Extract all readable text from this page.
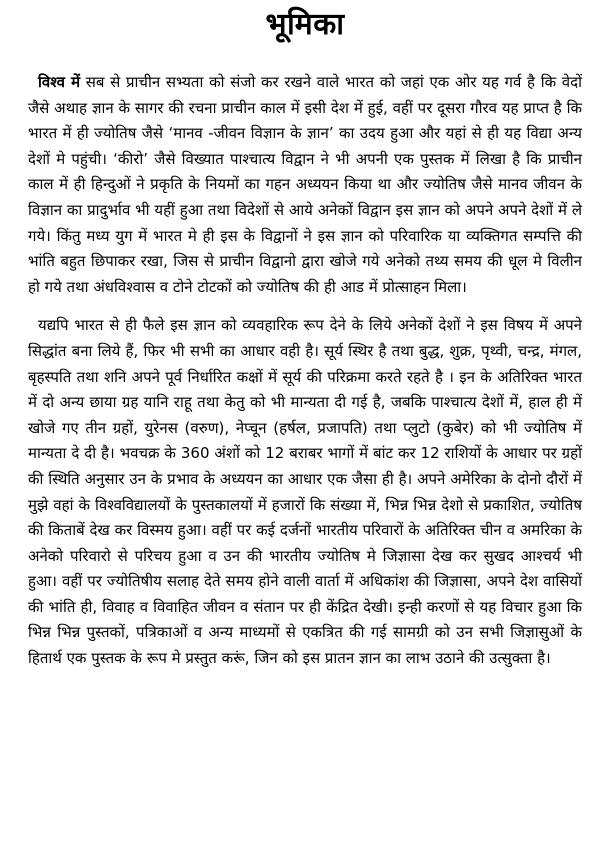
भूमिका

विश्व में सब से प्राचीन सभ्यता को संजो कर रखने वाले भारत को जहां एक ओर यह गर्व है कि वेदों जैसे अथाह ज्ञान के सागर की रचना प्राचीन काल में इसी देश में हुई, वहीं पर दूसरा गौरव यह प्राप्त है कि भारत में ही ज्योतिष जैसे ‘मानव -जीवन विज्ञान के ज्ञान’ का उदय हुआ और यहां से ही यह विद्या अन्य देशों मे पहुंची। ‘कीरो’ जैसे विख्यात पाश्चात्य विद्वान ने भी अपनी एक पुस्तक में लिखा है कि प्राचीन काल में ही हिन्दुओं ने प्रकृति के नियमों का गहन अध्ययन किया था और ज्योतिष जैसे मानव जीवन के विज्ञान का प्रादुर्भाव भी यहीं हुआ तथा विदेशों से आये अनेकों विद्वान इस ज्ञान को अपने अपने देशों में ले गये। किंतु मध्य युग में भारत मे ही इस के विद्वानों ने इस ज्ञान को परिवारिक या व्यक्तिगत सम्पत्ति की भांति बहुत छिपाकर रखा, जिस से प्राचीन विद्वानो द्वारा खोजे गये अनेको तथ्य समय की धूल मे विलीन हो गये तथा अंधविश्वास व टोने टोटकों को ज्योतिष की ही आड में प्रोत्साहन मिला।

यद्यपि भारत से ही फैले इस ज्ञान को व्यवहारिक रूप देने के लिये अनेकों देशों ने इस विषय में अपने सिद्धांत बना लिये हैं, फिर भी सभी का आधार वही है। सूर्य स्थिर है तथा बुद्ध, शुक्र, पृथ्वी, चन्द्र, मंगल, बृहस्पति तथा शनि अपने पूर्व निर्धारित कक्षों में सूर्य की परिक्रमा करते रहते है । इन के अतिरिक्त भारत में दो अन्य छाया ग्रह यानि राहू तथा केतु को भी मान्यता दी गई है, जबकि पाश्चात्य देशों में, हाल ही में खोजे गए तीन ग्रहों, युरेनस (वरुण), नेप्चून (हर्षल, प्रजापति) तथा प्लुटो (कुबेर) को भी ज्योतिष में मान्यता दे दी है। भवचक्र के 360 अंशों को 12 बराबर भागों में बांट कर 12 राशियों के आधार पर ग्रहों की स्थिति अनुसार उन के प्रभाव के अध्ययन का आधार एक जैसा ही है। अपने अमेरिका के दोनो दौरों में मुझे वहां के विश्वविद्यालयों के पुस्तकालयों में हजारों कि संख्या में, भिन्न भिन्न देशो से प्रकाशित, ज्योतिष की किताबें देख कर विस्मय हुआ। वहीं पर कई दर्जनों भारतीय परिवारों के अतिरिक्त चीन व अमरिका के अनेको परिवारो से परिचय हुआ व उन की भारतीय ज्योतिष मे जिज्ञासा देख कर सुखद आश्चर्य भी हुआ। वहीं पर ज्योतिषीय सलाह देते समय होने वाली वार्ता में अधिकांश की जिज्ञासा, अपने देश वासियों की भांति ही, विवाह व विवाहित जीवन व संतान पर ही केंद्रित देखी। इन्ही करणों से यह विचार हुआ कि भिन्न भिन्न पुस्तकों, पत्रिकाओं व अन्य माध्यमों से एकत्रित की गई सामग्री को उन सभी जिज्ञासुओं के हितार्थ एक पुस्तक के रूप मे प्रस्तुत करूं, जिन को इस प्रातन ज्ञान का लाभ उठाने की उत्सुक्ता है।
